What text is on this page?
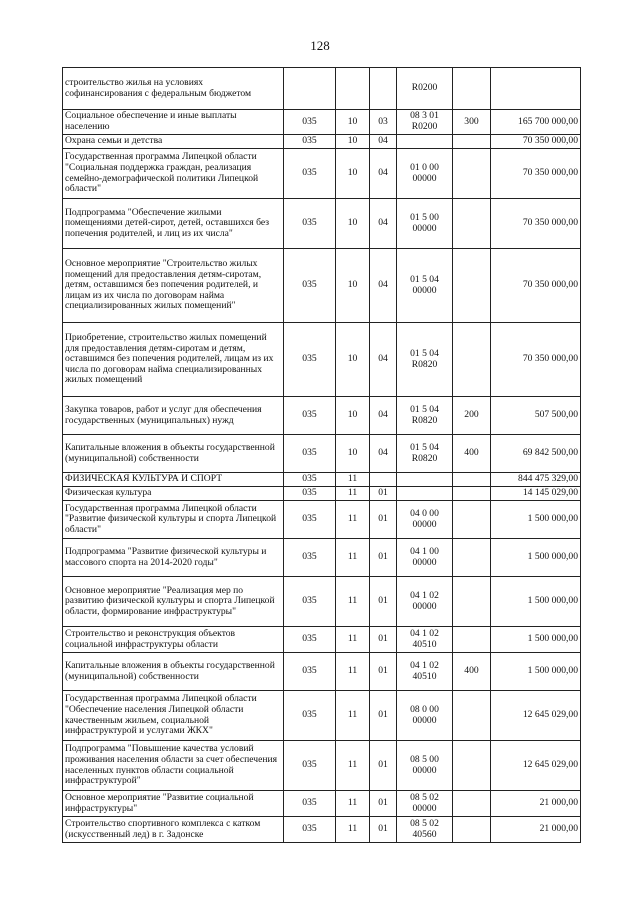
128
строительство жилья на условиях софинансирования с федеральным бюджетом				R0200		
Социальное обеспечение и иные выплаты населению	035	10	03	08 3 01 R0200	300	165 700 000,00
Охрана семьи и детства	035	10	04			70 350 000,00
Государственная программа Липецкой области "Социальная поддержка граждан, реализация семейно-демографической политики Липецкой области"	035	10	04	01 0 00 00000		70 350 000,00
Подпрограмма "Обеспечение жилыми помещениями детей-сирот, детей, оставшихся без попечения родителей, и лиц из их числа"	035	10	04	01 5 00 00000		70 350 000,00
Основное мероприятие "Строительство жилых помещений для предоставления детям-сиротам, детям, оставшимся без попечения родителей, и лицам из их числа по договорам найма специализированных жилых помещений"	035	10	04	01 5 04 00000		70 350 000,00
Приобретение, строительство жилых помещений для предоставления детям-сиротам и детям, оставшимся без попечения родителей, лицам из их числа по договорам найма специализированных жилых помещений	035	10	04	01 5 04 R0820		70 350 000,00
Закупка товаров, работ и услуг для обеспечения государственных (муниципальных) нужд	035	10	04	01 5 04 R0820	200	507 500,00
Капитальные вложения в объекты государственной (муниципальной) собственности	035	10	04	01 5 04 R0820	400	69 842 500,00
ФИЗИЧЕСКАЯ КУЛЬТУРА И СПОРТ	035	11				844 475 329,00
Физическая культура	035	11	01			14 145 029,00
Государственная программа Липецкой области "Развитие физической культуры и спорта Липецкой области"	035	11	01	04 0 00 00000		1 500 000,00
Подпрограмма "Развитие физической культуры и массового спорта на 2014-2020 годы"	035	11	01	04 1 00 00000		1 500 000,00
Основное мероприятие "Реализация мер по развитию физической культуры и спорта Липецкой области, формирование инфраструктуры"	035	11	01	04 1 02 00000		1 500 000,00
Строительство и реконструкция объектов социальной инфраструктуры области	035	11	01	04 1 02 40510		1 500 000,00
Капитальные вложения в объекты государственной (муниципальной) собственности	035	11	01	04 1 02 40510	400	1 500 000,00
Государственная программа Липецкой области "Обеспечение населения Липецкой области качественным жильем, социальной инфраструктурой и услугами ЖКХ"	035	11	01	08 0 00 00000		12 645 029,00
Подпрограмма "Повышение качества условий проживания населения области за счет обеспечения населенных пунктов области социальной инфраструктурой"	035	11	01	08 5 00 00000		12 645 029,00
Основное мероприятие "Развитие социальной инфраструктуры"	035	11	01	08 5 02 00000		21 000,00
Строительство спортивного комплекса с катком (искусственный лед) в г. Задонске	035	11	01	08 5 02 40560		21 000,00
